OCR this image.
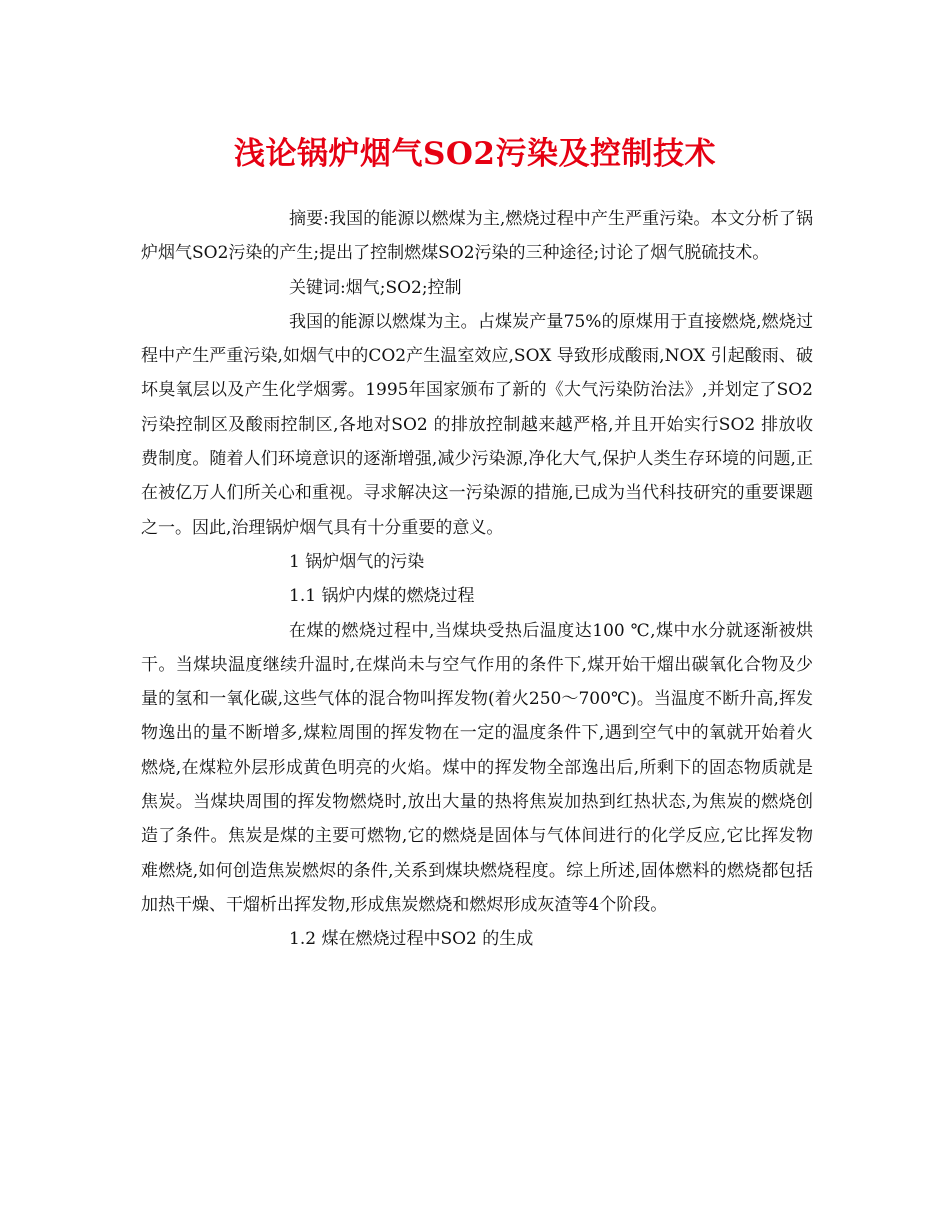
浅论锅炉烟气SO2污染及控制技术

摘要:我国的能源以燃煤为主,燃烧过程中产生严重污染。本文分析了锅炉烟气SO2污染的产生;提出了控制燃煤SO2污染的三种途径;讨论了烟气脱硫技术。

关键词:烟气;SO2;控制

我国的能源以燃煤为主。占煤炭产量75%的原煤用于直接燃烧,燃烧过程中产生严重污染,如烟气中的CO2产生温室效应,SOX 导致形成酸雨,NOX 引起酸雨、破坏臭氧层以及产生化学烟雾。1995年国家颁布了新的《大气污染防治法》,并划定了SO2 污染控制区及酸雨控制区,各地对SO2 的排放控制越来越严格,并且开始实行SO2 排放收费制度。随着人们环境意识的逐渐增强,减少污染源,净化大气,保护人类生存环境的问题,正在被亿万人们所关心和重视。寻求解决这一污染源的措施,已成为当代科技研究的重要课题之一。因此,治理锅炉烟气具有十分重要的意义。

1 锅炉烟气的污染

1.1 锅炉内煤的燃烧过程

在煤的燃烧过程中,当煤块受热后温度达100 ℃,煤中水分就逐渐被烘干。当煤块温度继续升温时,在煤尚未与空气作用的条件下,煤开始干熘出碳氧化合物及少量的氢和一氧化碳,这些气体的混合物叫挥发物(着火250～700℃)。当温度不断升高,挥发物逸出的量不断增多,煤粒周围的挥发物在一定的温度条件下,遇到空气中的氧就开始着火燃烧,在煤粒外层形成黄色明亮的火焰。煤中的挥发物全部逸出后,所剩下的固态物质就是焦炭。当煤块周围的挥发物燃烧时,放出大量的热将焦炭加热到红热状态,为焦炭的燃烧创造了条件。焦炭是煤的主要可燃物,它的燃烧是固体与气体间进行的化学反应,它比挥发物难燃烧,如何创造焦炭燃烬的条件,关系到煤块燃烧程度。综上所述,固体燃料的燃烧都包括加热干燥、干熘析出挥发物,形成焦炭燃烧和燃烬形成灰渣等4个阶段。

1.2 煤在燃烧过程中SO2 的生成
